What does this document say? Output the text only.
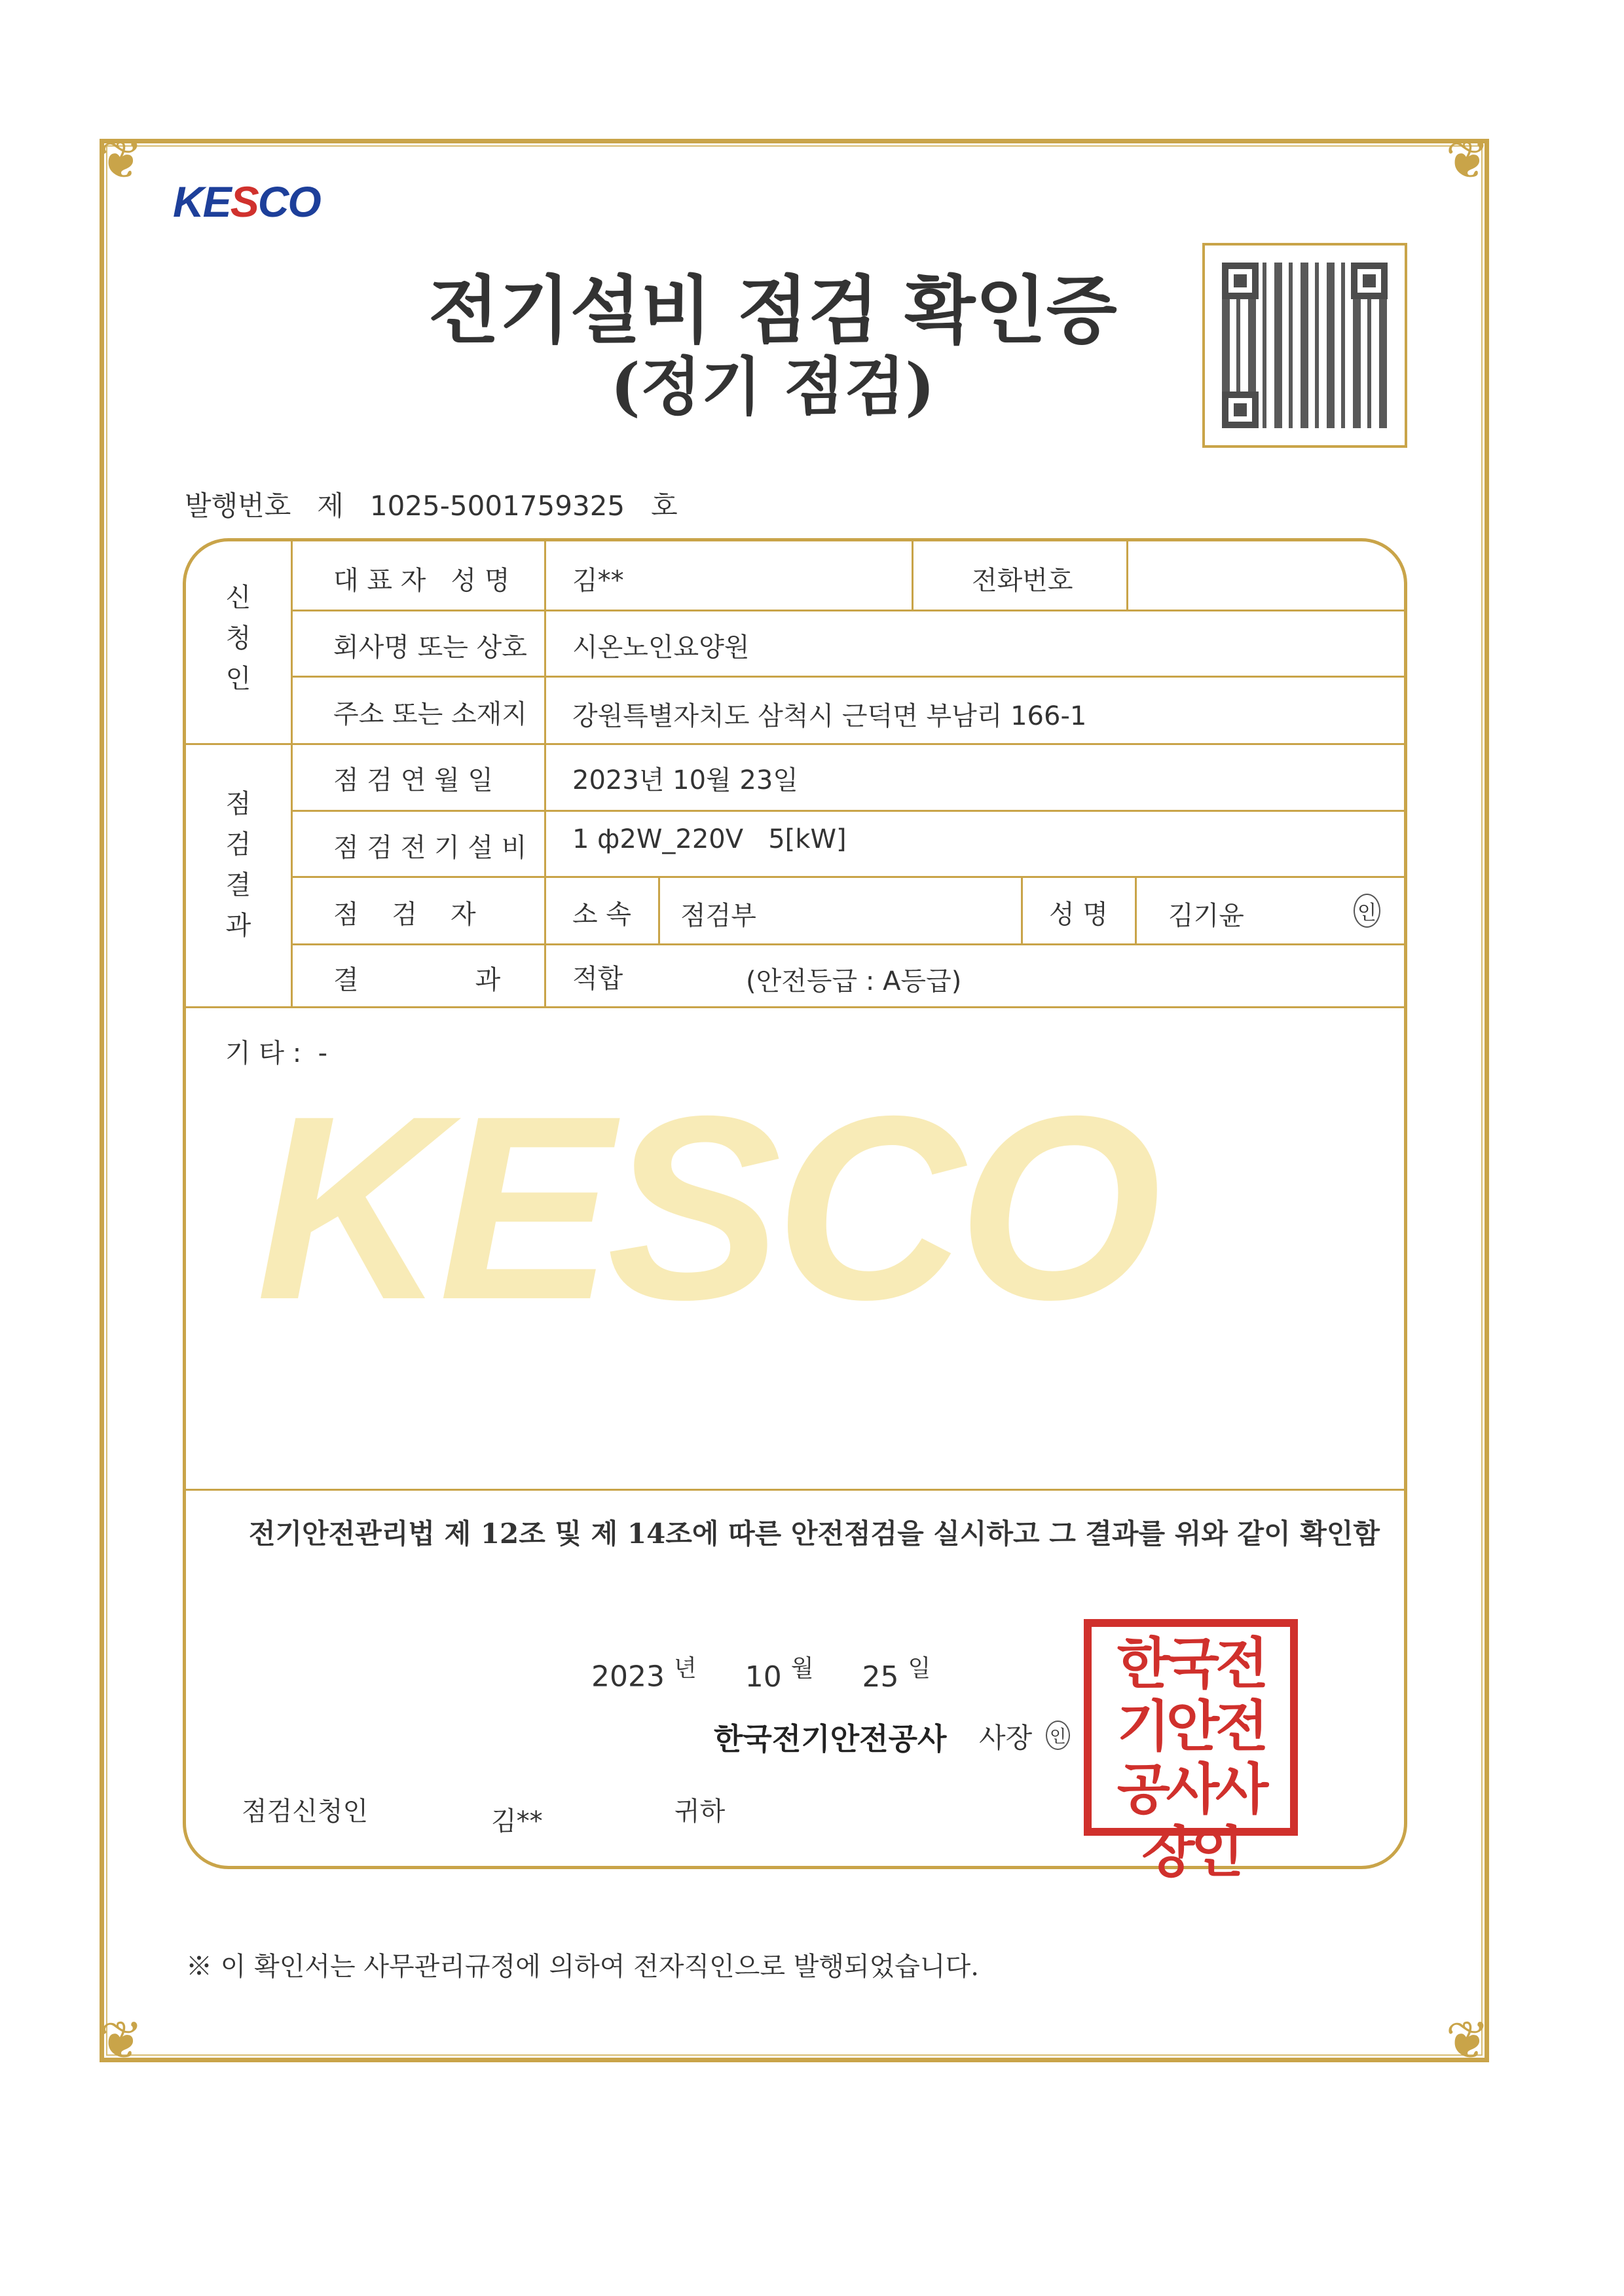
❦	❦
❦	❦
KESCO
KESCO
전기설비 점검 확인증
(정기 점검)
발행번호 제 1025-5001759325 호
신
청
인
점
검
결
과
대 표 자   성 명 김**	전화번호
회사명 또는 상호 시온노인요양원
주소 또는 소재지 강원특별자치도 삼척시 근덕면 부남리 166-1
점 검 연 월 일	2023년 10월 23일
점 검 전 기 설 비 1 ф2W_220V   5[kW]
점    검    자	소 속 점검부	성 명 김기윤	인
결              과	적합	(안전등급 : A등급)
기 타 :  -
전기안전관리법 제 12조 및 제 14조에 따른 안전점검을 실시하고 그 결과를 위와 같이 확인함
2023 $^년$ 10 $^월$ 25 $^일$
한국전기안전공사 사장 인
한국전기안전공사사장인
점검신청인	김**	귀하
※ 이 확인서는 사무관리규정에 의하여 전자직인으로 발행되었습니다.
